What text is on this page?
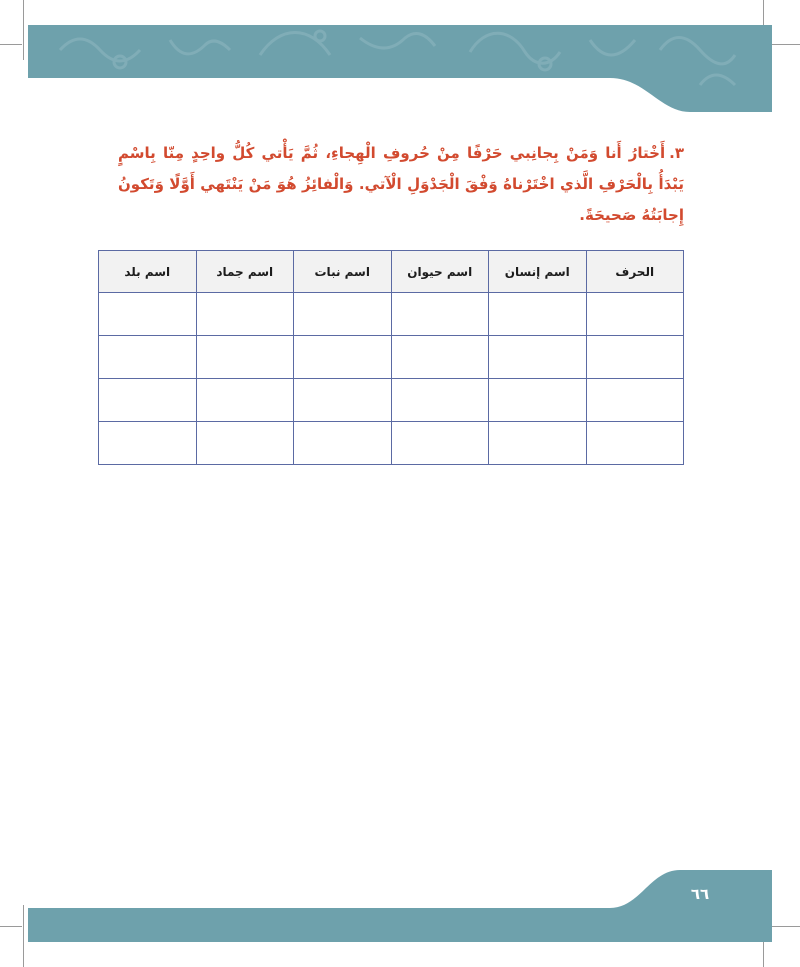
٣.أَخْتارُ أَنا وَمَنْ بِجانِبي حَرْفًا مِنْ حُروفِ الْهِجاءِ، ثُمَّ يَأْتي كُلُّ واحِدٍ مِنّا بِاسْمٍ يَبْدَأُ بِالْحَرْفِ الَّذي اخْتَرْناهُ وَفْقَ الْجَدْوَلِ الْآتي. وَالْفائِزُ هُوَ مَنْ يَنْتَهي أَوَّلًا وَتَكونُ إِجابَتُهُ صَحيحَةً.
الحرف	اسم إنسان	اسم حيوان	اسم نبات	اسم جماد	اسم بلد

٦٦
